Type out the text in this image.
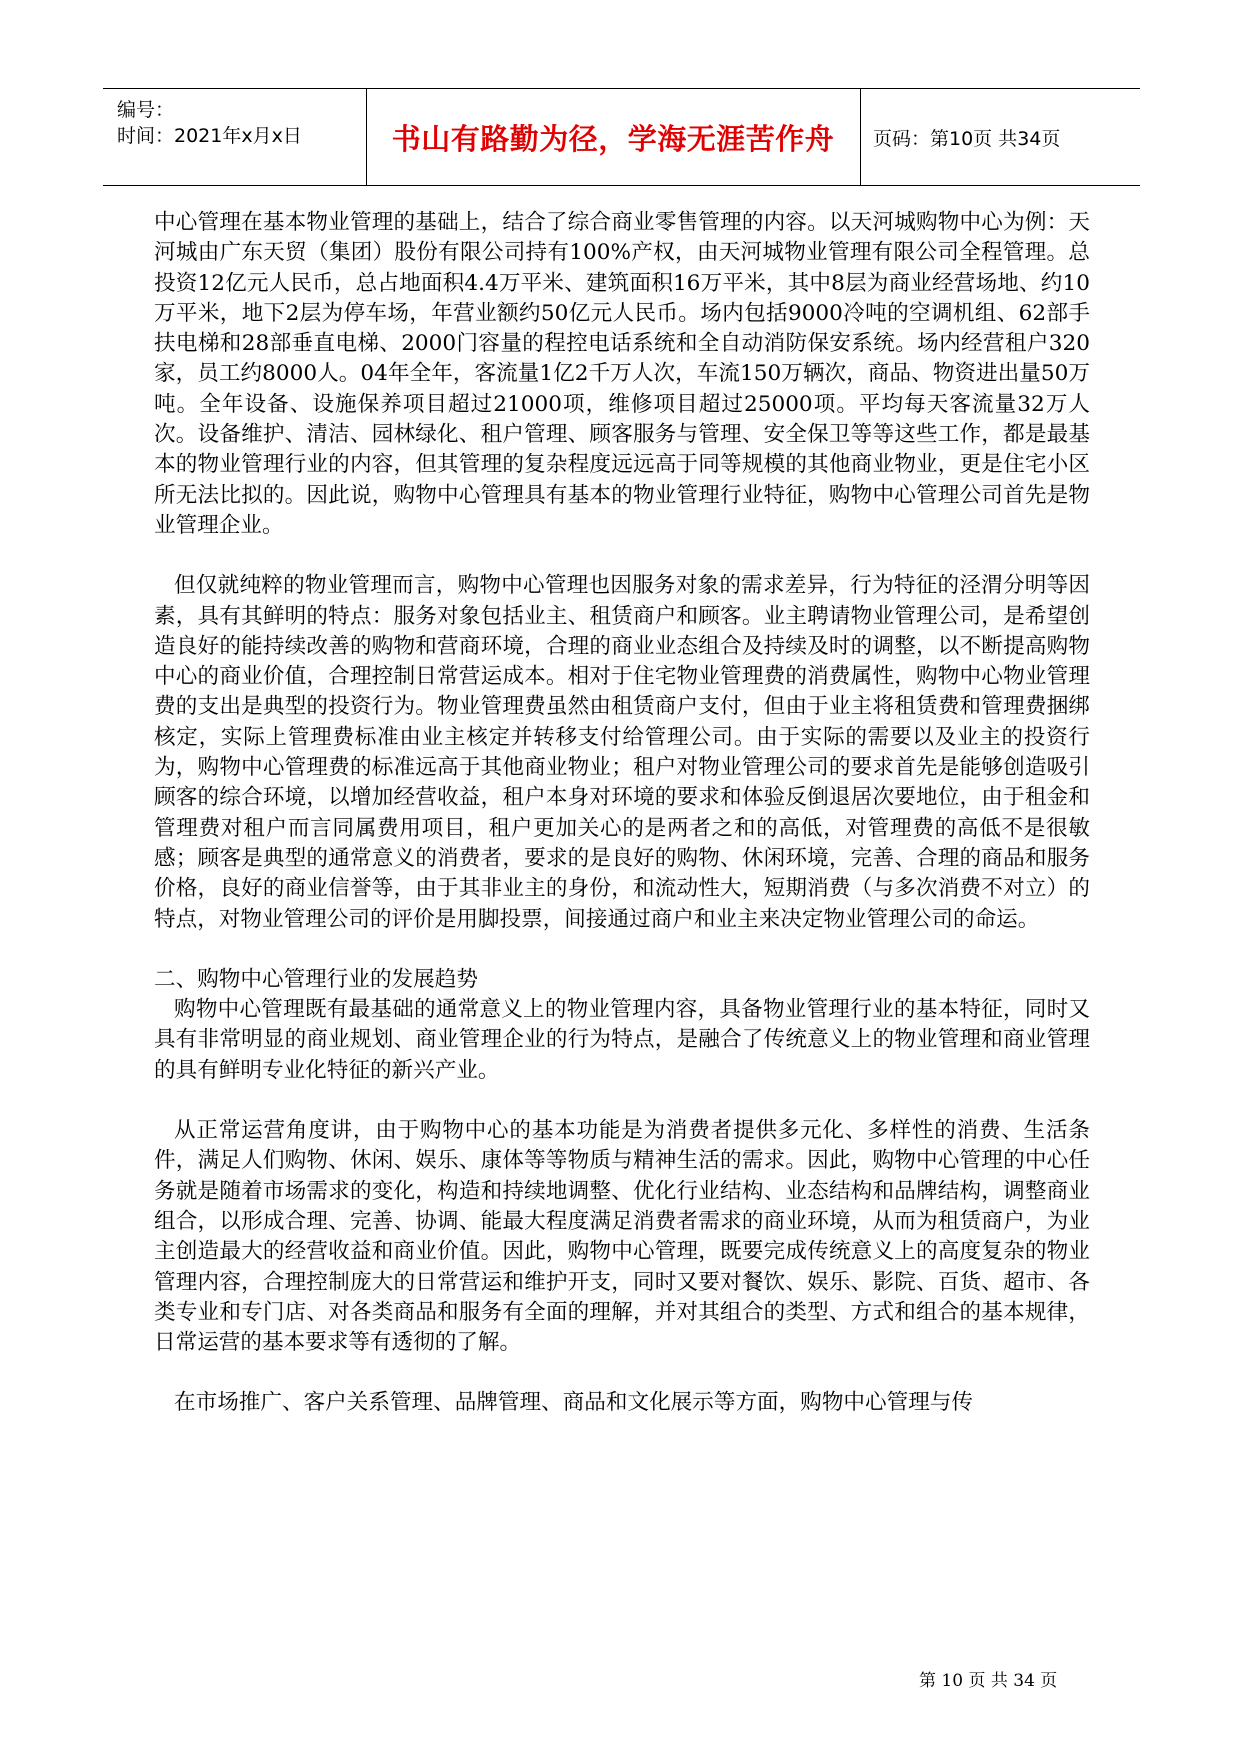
编号：
时间：2021年x月x日	书山有路勤为径，学海无涯苦作舟 页码：第10页 共34页

中心管理在基本物业管理的基础上，结合了综合商业零售管理的内容。以天河城购物中心为例：天河城由广东天贸（集团）股份有限公司持有100%产权，由天河城物业管理有限公司全程管理。总投资12亿元人民币，总占地面积4.4万平米、建筑面积16万平米，其中8层为商业经营场地、约10万平米，地下2层为停车场，年营业额约50亿元人民币。场内包括9000冷吨的空调机组、62部手扶电梯和28部垂直电梯、2000门容量的程控电话系统和全自动消防保安系统。场内经营租户320家，员工约8000人。04年全年，客流量1亿2千万人次，车流150万辆次，商品、物资进出量50万吨。全年设备、设施保养项目超过21000项，维修项目超过25000项。平均每天客流量32万人次。设备维护、清洁、园林绿化、租户管理、顾客服务与管理、安全保卫等等这些工作，都是最基本的物业管理行业的内容，但其管理的复杂程度远远高于同等规模的其他商业物业，更是住宅小区所无法比拟的。因此说，购物中心管理具有基本的物业管理行业特征，购物中心管理公司首先是物业管理企业。

但仅就纯粹的物业管理而言，购物中心管理也因服务对象的需求差异，行为特征的泾渭分明等因素，具有其鲜明的特点：服务对象包括业主、租赁商户和顾客。业主聘请物业管理公司，是希望创造良好的能持续改善的购物和营商环境，合理的商业业态组合及持续及时的调整，以不断提高购物中心的商业价值，合理控制日常营运成本。相对于住宅物业管理费的消费属性，购物中心物业管理费的支出是典型的投资行为。物业管理费虽然由租赁商户支付，但由于业主将租赁费和管理费捆绑核定，实际上管理费标准由业主核定并转移支付给管理公司。由于实际的需要以及业主的投资行为，购物中心管理费的标准远高于其他商业物业；租户对物业管理公司的要求首先是能够创造吸引顾客的综合环境，以增加经营收益，租户本身对环境的要求和体验反倒退居次要地位，由于租金和管理费对租户而言同属费用项目，租户更加关心的是两者之和的高低，对管理费的高低不是很敏感；顾客是典型的通常意义的消费者，要求的是良好的购物、休闲环境，完善、合理的商品和服务价格，良好的商业信誉等，由于其非业主的身份，和流动性大，短期消费（与多次消费不对立）的特点，对物业管理公司的评价是用脚投票，间接通过商户和业主来决定物业管理公司的命运。

二、购物中心管理行业的发展趋势

购物中心管理既有最基础的通常意义上的物业管理内容，具备物业管理行业的基本特征，同时又具有非常明显的商业规划、商业管理企业的行为特点，是融合了传统意义上的物业管理和商业管理的具有鲜明专业化特征的新兴产业。

从正常运营角度讲，由于购物中心的基本功能是为消费者提供多元化、多样性的消费、生活条件，满足人们购物、休闲、娱乐、康体等等物质与精神生活的需求。因此，购物中心管理的中心任务就是随着市场需求的变化，构造和持续地调整、优化行业结构、业态结构和品牌结构，调整商业组合，以形成合理、完善、协调、能最大程度满足消费者需求的商业环境，从而为租赁商户，为业主创造最大的经营收益和商业价值。因此，购物中心管理，既要完成传统意义上的高度复杂的物业管理内容，合理控制庞大的日常营运和维护开支，同时又要对餐饮、娱乐、影院、百货、超市、各类专业和专门店、对各类商品和服务有全面的理解，并对其组合的类型、方式和组合的基本规律，日常运营的基本要求等有透彻的了解。

在市场推广、客户关系管理、品牌管理、商品和文化展示等方面，购物中心管理与传

第 10 页 共 34 页
